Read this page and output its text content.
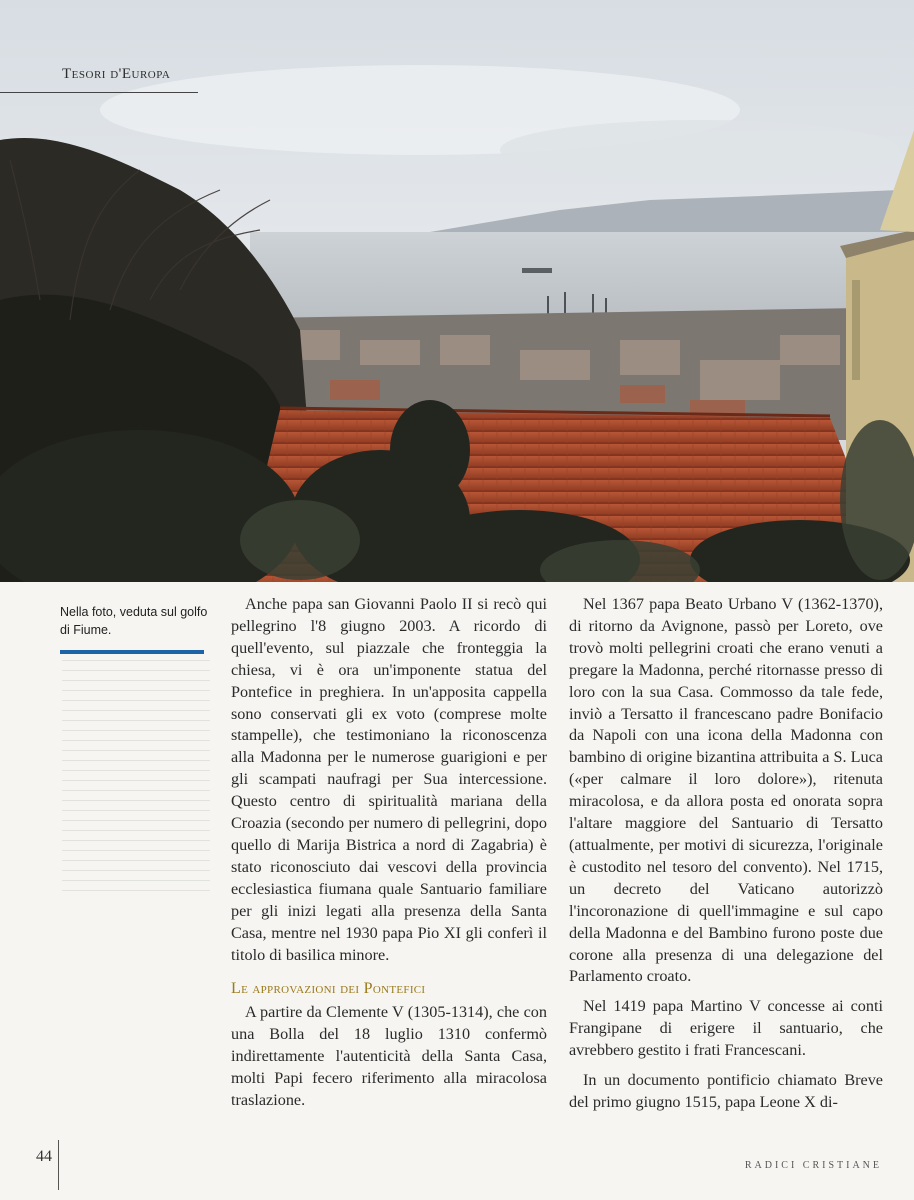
Tesori d'Europa
Nella foto, veduta sul golfo di Fiume.

Anche papa san Giovanni Paolo II si recò qui pellegrino l'8 giugno 2003. A ricordo di quell'evento, sul piazzale che fronteggia la chiesa, vi è ora un'imponente statua del Pontefice in preghiera. In un'apposita cappella sono conservati gli ex voto (comprese molte stampelle), che testimoniano la riconoscenza alla Madonna per le numerose guarigioni e per gli scampati naufragi per Sua intercessione. Questo centro di spiritualità mariana della Croazia (secondo per numero di pellegrini, dopo quello di Marija Bistrica a nord di Zagabria) è stato riconosciuto dai vescovi della provincia ecclesiastica fiumana quale Santuario familiare per gli inizi legati alla presenza della Santa Casa, mentre nel 1930 papa Pio XI gli conferì il titolo di basilica minore.

Le approvazioni dei Pontefici

A partire da Clemente V (1305-1314), che con una Bolla del 18 luglio 1310 confermò indirettamente l'autenticità della Santa Casa, molti Papi fecero riferimento alla miracolosa traslazione.

Nel 1367 papa Beato Urbano V (1362-1370), di ritorno da Avignone, passò per Loreto, ove trovò molti pellegrini croati che erano venuti a pregare la Madonna, perché ritornasse presso di loro con la sua Casa. Commosso da tale fede, inviò a Tersatto il francescano padre Bonifacio da Napoli con una icona della Madonna con bambino di origine bizantina attribuita a S. Luca («per calmare il loro dolore»), ritenuta miracolosa, e da allora posta ed onorata sopra l'altare maggiore del Santuario di Tersatto (attualmente, per motivi di sicurezza, l'originale è custodito nel tesoro del convento). Nel 1715, un decreto del Vaticano autorizzò l'incoronazione di quell'immagine e sul capo della Madonna e del Bambino furono poste due corone alla presenza di una delegazione del Parlamento croato.

Nel 1419 papa Martino V concesse ai conti Frangipane di erigere il santuario, che avrebbero gestito i frati Francescani.

In un documento pontificio chiamato Breve del primo giugno 1515, papa Leone X di-

44
RADICI CRISTIANE
